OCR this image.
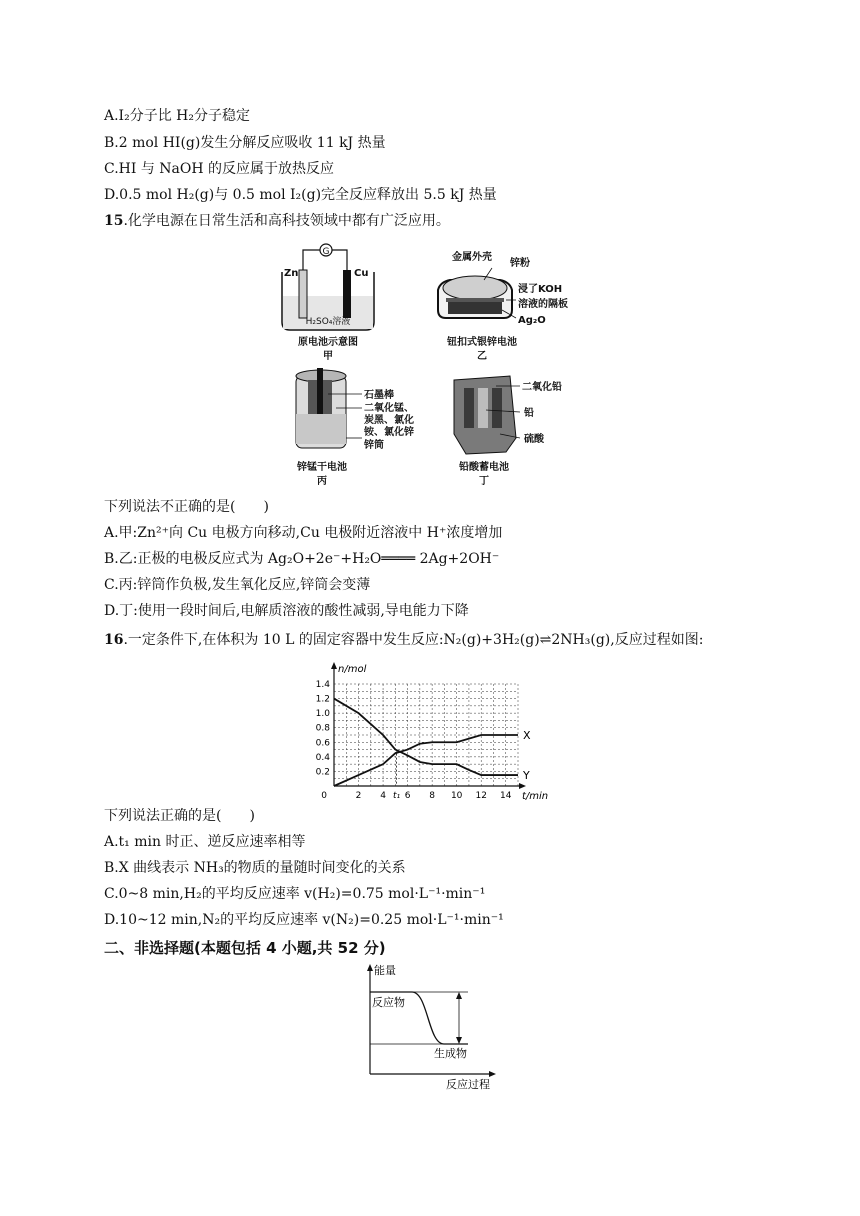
A.I₂分子比 H₂分子稳定
B.2 mol HI(g)发生分解反应吸收 11 kJ 热量
C.HI 与 NaOH 的反应属于放热反应
D.0.5 mol H₂(g)与 0.5 mol I₂(g)完全反应释放出 5.5 kJ 热量
15.化学电源在日常生活和高科技领域中都有广泛应用。
G
Zn	Cu
H₂SO₄溶液
原电池示意图
甲
金属外壳
锌粉
浸了KOH
溶液的隔板
Ag₂O
钮扣式银锌电池
乙
石墨棒
二氧化锰、
炭黑、氯化
铵、氯化锌
锌筒
锌锰干电池
丙
二氧化铅
铅
硫酸
铅酸蓄电池
丁
下列说法不正确的是(　　)
A.甲:Zn²⁺向 Cu 电极方向移动,Cu 电极附近溶液中 H⁺浓度增加
B.乙:正极的电极反应式为 Ag₂O+2e⁻+H₂O════ 2Ag+2OH⁻
C.丙:锌筒作负极,发生氧化反应,锌筒会变薄
D.丁:使用一段时间后,电解质溶液的酸性减弱,导电能力下降
16.一定条件下,在体积为 10 L 的固定容器中发生反应:N₂(g)+3H₂(g)⇌2NH₃(g),反应过程如图:
n/mol
t/min
0
0.2
0.4
0.6
0.8
1.0
1.2
1.4
2 4 t₁ 6 8 10 12 14
X
Y
下列说法正确的是(　　)
A.t₁ min 时正、逆反应速率相等
B.X 曲线表示 NH₃的物质的量随时间变化的关系
C.0~8 min,H₂的平均反应速率 v(H₂)=0.75 mol·L⁻¹·min⁻¹
D.10~12 min,N₂的平均反应速率 v(N₂)=0.25 mol·L⁻¹·min⁻¹
二、非选择题(本题包括 4 小题,共 52 分)
能量
反应物
生成物
反应过程
